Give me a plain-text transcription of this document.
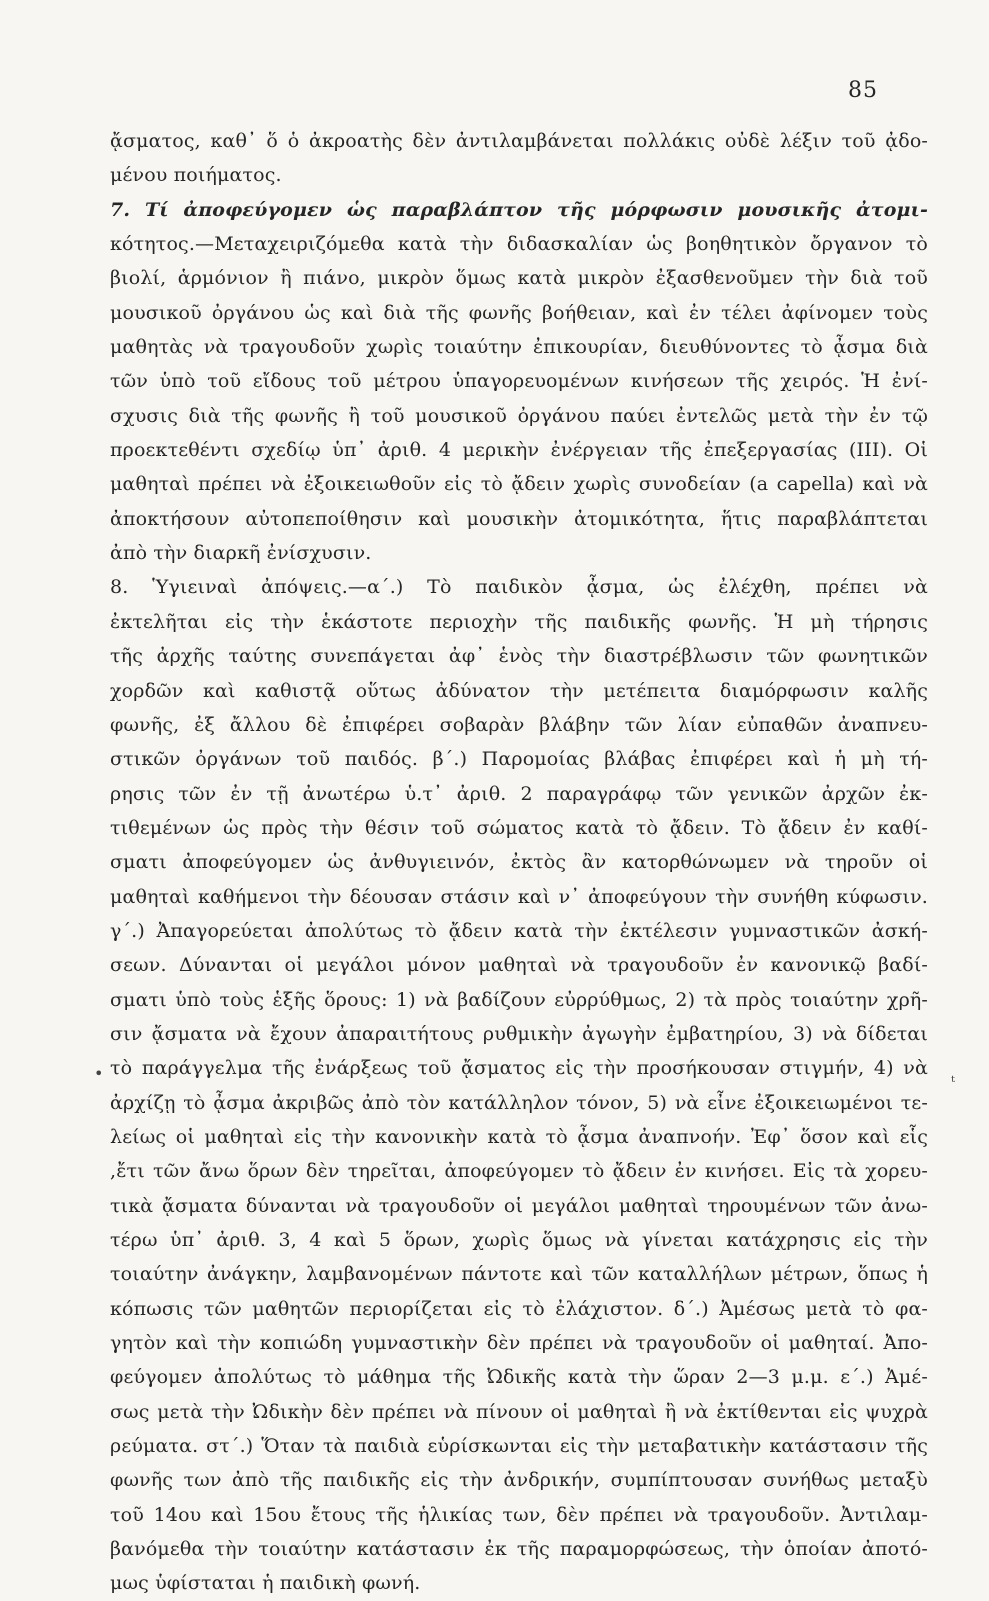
85
ᾄσματος, καθ᾽ ὅ ὁ ἀκροατὴς δὲν ἀντιλαμβάνεται πολλάκις οὐδὲ λέξιν τοῦ ᾀδο-
μένου ποιήματος.
7. Τί ἀποφεύγομεν ὡς παραβλάπτον τῆς μόρφωσιν μουσικῆς ἀτομι-
κότητος.—Μεταχειριζόμεθα κατὰ τὴν διδασκαλίαν ὡς βοηθητικὸν ὄργανον τὸ
βιολί, ἁρμόνιον ἢ πιάνο, μικρὸν ὅμως κατὰ μικρὸν ἐξασθενοῦμεν τὴν διὰ τοῦ
μουσικοῦ ὀργάνου ὡς καὶ διὰ τῆς φωνῆς βοήθειαν, καὶ ἐν τέλει ἀφίνομεν τοὺς
μαθητὰς νὰ τραγουδοῦν χωρὶς τοιαύτην ἐπικουρίαν, διευθύνοντες τὸ ᾆσμα διὰ
τῶν ὑπὸ τοῦ εἴδους τοῦ μέτρου ὑπαγορευομένων κινήσεων τῆς χειρός. Ἡ ἐνί-
σχυσις διὰ τῆς φωνῆς ἢ τοῦ μουσικοῦ ὀργάνου παύει ἐντελῶς μετὰ τὴν ἐν τῷ
προεκτεθέντι σχεδίῳ ὑπ᾽ ἀριθ. 4 μερικὴν ἐνέργειαν τῆς ἐπεξεργασίας (ΙΙΙ). Οἱ
μαθηταὶ πρέπει νὰ ἐξοικειωθοῦν εἰς τὸ ᾄδειν χωρὶς συνοδείαν (a capella) καὶ νὰ
ἀποκτήσουν αὐτοπεποίθησιν καὶ μουσικὴν ἀτομικότητα, ἥτις παραβλάπτεται
ἀπὸ τὴν διαρκῆ ἐνίσχυσιν.
8. Ὑγιειναὶ ἀπόψεις.—α΄.) Τὸ παιδικὸν ᾆσμα, ὡς ἐλέχθη, πρέπει νὰ
ἐκτελῆται εἰς τὴν ἑκάστοτε περιοχὴν τῆς παιδικῆς φωνῆς. Ἡ μὴ τήρησις
τῆς ἀρχῆς ταύτης συνεπάγεται ἀφ᾽ ἑνὸς τὴν διαστρέβλωσιν τῶν φωνητικῶν
χορδῶν καὶ καθιστᾷ οὕτως ἀδύνατον τὴν μετέπειτα διαμόρφωσιν καλῆς
φωνῆς, ἐξ ἄλλου δὲ ἐπιφέρει σοβαρὰν βλάβην τῶν λίαν εὐπαθῶν ἀναπνευ-
στικῶν ὀργάνων τοῦ παιδός. β΄.) Παρομοίας βλάβας ἐπιφέρει καὶ ἡ μὴ τή-
ρησις τῶν ἐν τῇ ἀνωτέρω ὑ.τ᾽ ἀριθ. 2 παραγράφῳ τῶν γενικῶν ἀρχῶν ἐκ-
τιθεμένων ὡς πρὸς τὴν θέσιν τοῦ σώματος κατὰ τὸ ᾄδειν. Τὸ ᾄδειν ἐν καθί-
σματι ἀποφεύγομεν ὡς ἀνθυγιεινόν, ἐκτὸς ἂν κατορθώνωμεν νὰ τηροῦν οἱ
μαθηταὶ καθήμενοι τὴν δέουσαν στάσιν καὶ ν᾽ ἀποφεύγουν τὴν συνήθη κύφωσιν.
γ΄.) Ἀπαγορεύεται ἀπολύτως τὸ ᾄδειν κατὰ τὴν ἐκτέλεσιν γυμναστικῶν ἀσκή-
σεων. Δύνανται οἱ μεγάλοι μόνον μαθηταὶ νὰ τραγουδοῦν ἐν κανονικῷ βαδί-
σματι ὑπὸ τοὺς ἑξῆς ὅρους: 1) νὰ βαδίζουν εὐρρύθμως, 2) τὰ πρὸς τοιαύτην χρῆ-
σιν ᾄσματα νὰ ἔχουν ἀπαραιτήτους ρυθμικὴν ἀγωγὴν ἐμβατηρίου, 3) νὰ δίδεται
τὸ παράγγελμα τῆς ἐνάρξεως τοῦ ᾄσματος εἰς τὴν προσήκουσαν στιγμήν, 4) νὰ
ἀρχίζῃ τὸ ᾆσμα ἀκριβῶς ἀπὸ τὸν κατάλληλον τόνον, 5) νὰ εἶνε ἐξοικειωμένοι τε-
λείως οἱ μαθηταὶ εἰς τὴν κανονικὴν κατὰ τὸ ᾆσμα ἀναπνοήν. Ἐφ᾽ ὅσον καὶ εἷς
,ἔτι τῶν ἄνω ὅρων δὲν τηρεῖται, ἀποφεύγομεν τὸ ᾄδειν ἐν κινήσει. Εἰς τὰ χορευ-
τικὰ ᾄσματα δύνανται νὰ τραγουδοῦν οἱ μεγάλοι μαθηταὶ τηρουμένων τῶν ἀνω-
τέρω ὑπ᾽ ἀριθ. 3, 4 καὶ 5 ὅρων, χωρὶς ὅμως νὰ γίνεται κατάχρησις εἰς τὴν
τοιαύτην ἀνάγκην, λαμβανομένων πάντοτε καὶ τῶν καταλλήλων μέτρων, ὅπως ἡ
κόπωσις τῶν μαθητῶν περιορίζεται εἰς τὸ ἐλάχιστον. δ΄.) Ἀμέσως μετὰ τὸ φα-
γητὸν καὶ τὴν κοπιώδη γυμναστικὴν δὲν πρέπει νὰ τραγουδοῦν οἱ μαθηταί. Ἀπο-
φεύγομεν ἀπολύτως τὸ μάθημα τῆς Ὠδικῆς κατὰ τὴν ὥραν 2—3 μ.μ. ε΄.) Ἀμέ-
σως μετὰ τὴν Ὠδικὴν δὲν πρέπει νὰ πίνουν οἱ μαθηταὶ ἢ νὰ ἐκτίθενται εἰς ψυχρὰ
ρεύματα. στ΄.) Ὅταν τὰ παιδιὰ εὑρίσκωνται εἰς τὴν μεταβατικὴν κατάστασιν τῆς
φωνῆς των ἀπὸ τῆς παιδικῆς εἰς τὴν ἀνδρικήν, συμπίπτουσαν συνήθως μεταξὺ
τοῦ 14ου καὶ 15ου ἔτους τῆς ἡλικίας των, δὲν πρέπει νὰ τραγουδοῦν. Ἀντιλαμ-
βανόμεθα τὴν τοιαύτην κατάστασιν ἐκ τῆς παραμορφώσεως, τὴν ὁποίαν ἀποτό-
μως ὑφίσταται ἡ παιδικὴ φωνή.
•	ᵗ
